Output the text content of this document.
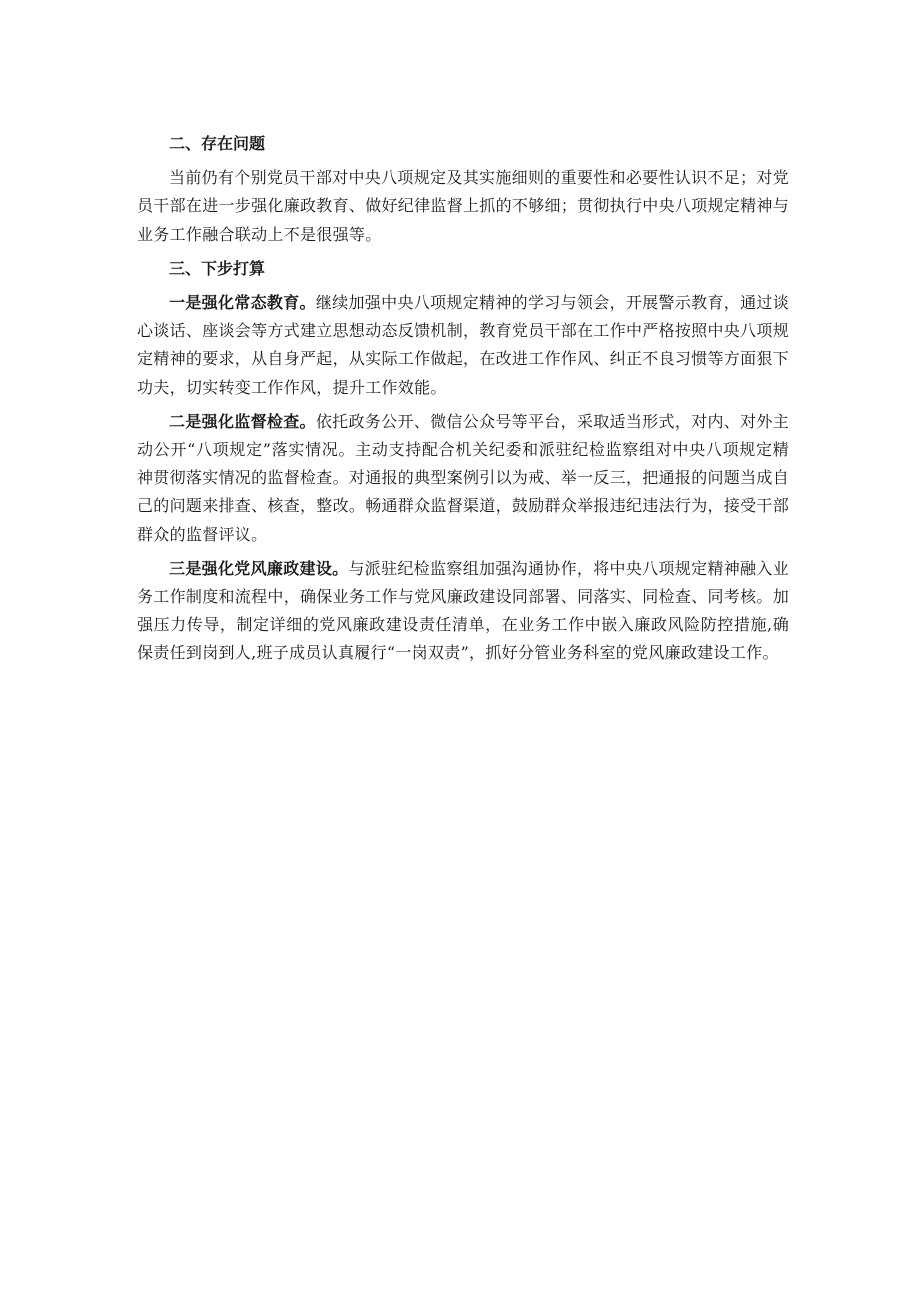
二、存在问题

当前仍有个别党员干部对中央八项规定及其实施细则的重要性和必要性认识不足；对党员干部在进一步强化廉政教育、做好纪律监督上抓的不够细；贯彻执行中央八项规定精神与业务工作融合联动上不是很强等。

三、下步打算

一是强化常态教育。继续加强中央八项规定精神的学习与领会，开展警示教育，通过谈心谈话、座谈会等方式建立思想动态反馈机制，教育党员干部在工作中严格按照中央八项规定精神的要求，从自身严起，从实际工作做起，在改进工作作风、纠正不良习惯等方面狠下功夫，切实转变工作作风，提升工作效能。

二是强化监督检查。依托政务公开、微信公众号等平台，采取适当形式，对内、对外主动公开“八项规定”落实情况。主动支持配合机关纪委和派驻纪检监察组对中央八项规定精神贯彻落实情况的监督检查。对通报的典型案例引以为戒、举一反三，把通报的问题当成自己的问题来排查、核查，整改。畅通群众监督渠道，鼓励群众举报违纪违法行为，接受干部群众的监督评议。

三是强化党风廉政建设。与派驻纪检监察组加强沟通协作，将中央八项规定精神融入业务工作制度和流程中，确保业务工作与党风廉政建设同部署、同落实、同检查、同考核。加强压力传导，制定详细的党风廉政建设责任清单，在业务工作中嵌入廉政风险防控措施,确保责任到岗到人,班子成员认真履行“一岗双责”，抓好分管业务科室的党风廉政建设工作。
